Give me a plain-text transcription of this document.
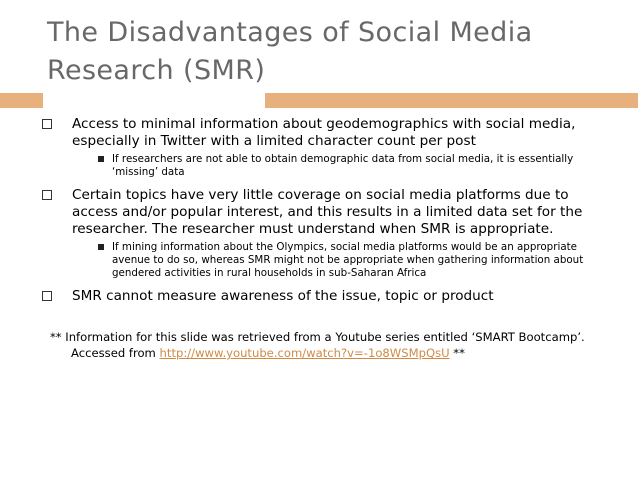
The Disadvantages of Social Media Research (SMR)
Access to minimal information about geodemographics with social media, especially in Twitter with a limited character count per post
If researchers are not able to obtain demographic data from social media, it is essentially ‘missing’ data
Certain topics have very little coverage on social media platforms due to access and/or popular interest, and this results in a limited data set for the researcher. The researcher must understand when SMR is appropriate.
If mining information about the Olympics, social media platforms would be an appropriate avenue to do so, whereas SMR might not be appropriate when gathering information about gendered activities in rural households in sub-Saharan Africa
SMR cannot measure awareness of the issue, topic or product
** Information for this slide was retrieved from a Youtube series entitled ‘SMART Bootcamp’. Accessed from http://www.youtube.com/watch?v=-1o8WSMpQsU **
